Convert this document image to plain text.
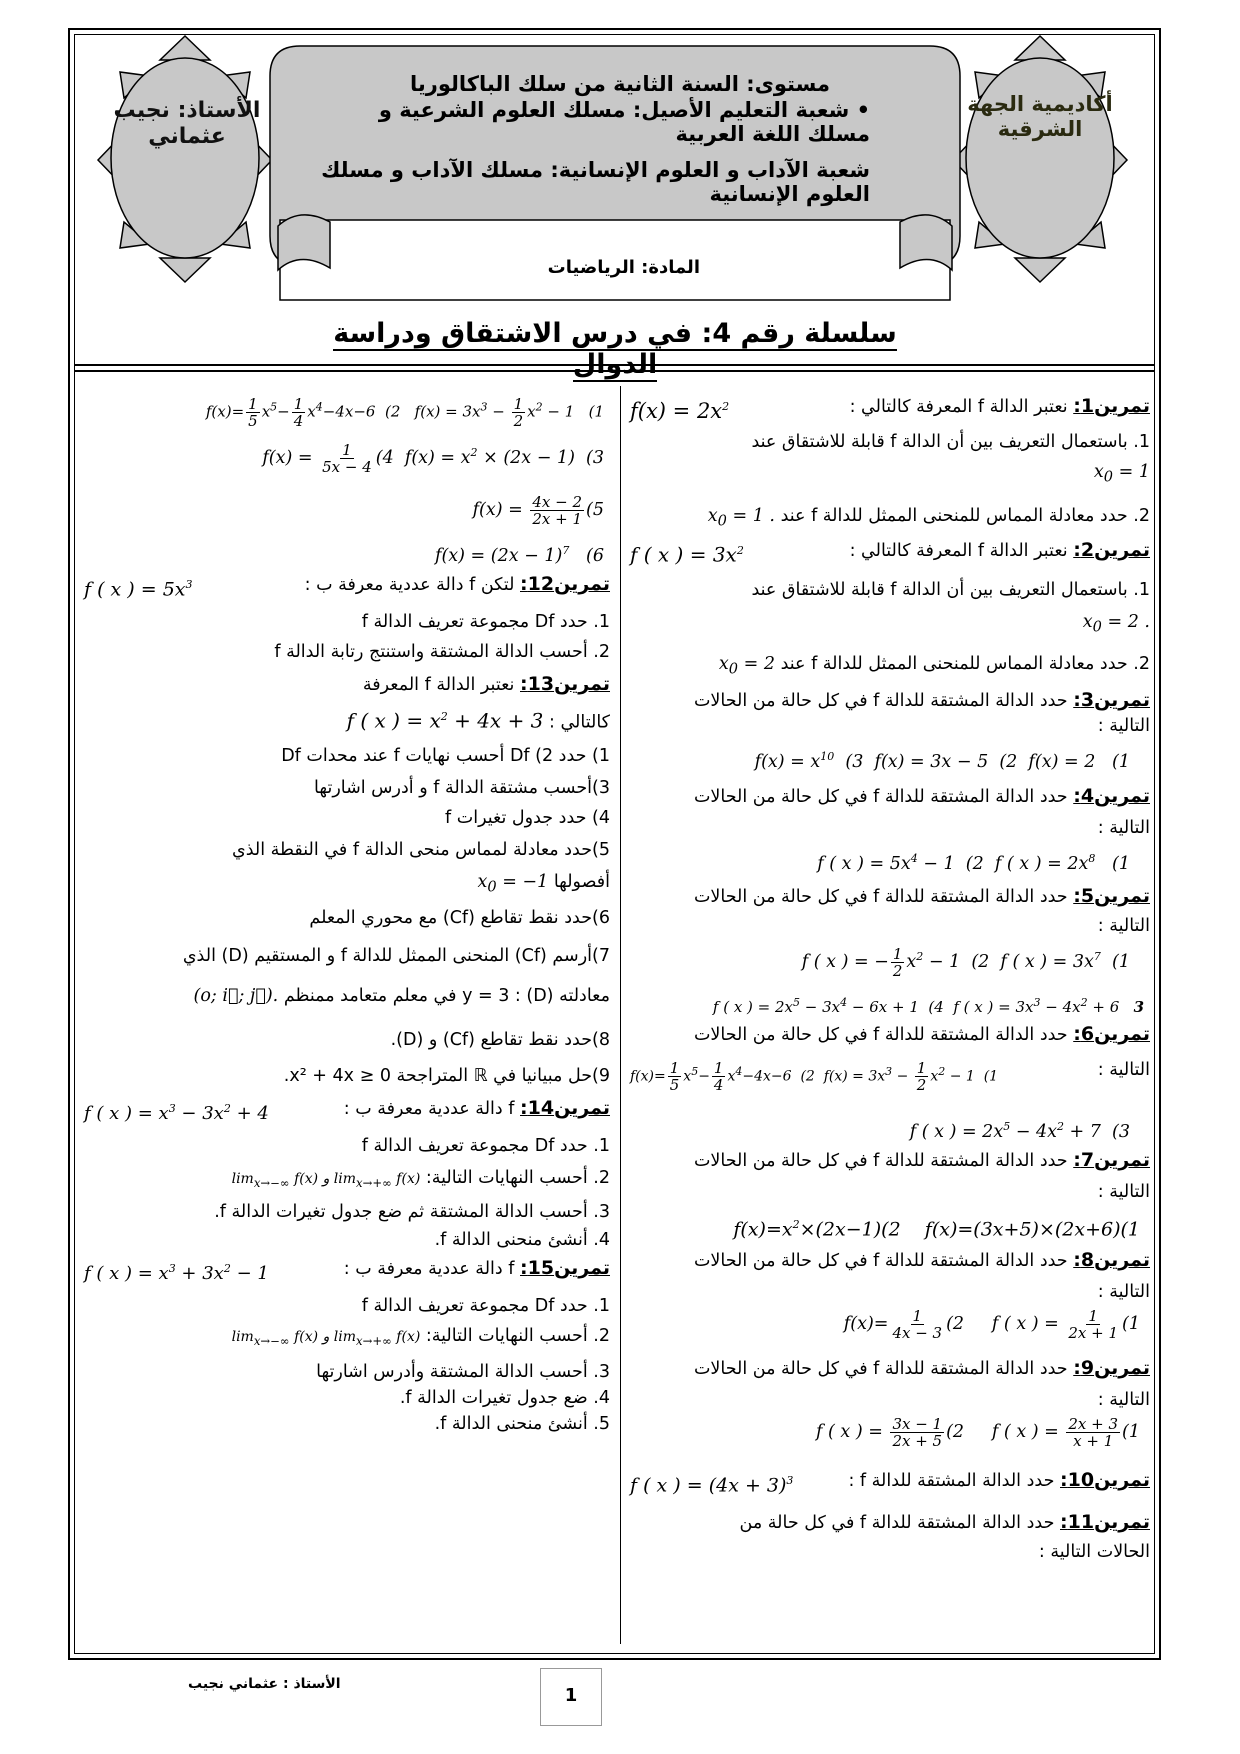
أكاديمية الجهة الشرقية
الأستاذ: نجيب عثماني
مستوى: السنة الثانية من سلك الباكالوريا
• شعبة التعليم الأصيل: مسلك العلوم الشرعية و مسلك اللغة العربية
شعبة الآداب و العلوم الإنسانية: مسلك الآداب و مسلك العلوم الإنسانية
المادة: الرياضيات
سلسلة رقم 4: في درس الاشتقاق ودراسة الدوال
تمرين1: نعتبر الدالة f المعرفة كالتالي :
$f(x) = 2x^2$
1. باستعمال التعريف بين أن الدالة f قابلة للاشتقاق عند
$x_0 = 1$
2. حدد معادلة المماس للمنحنى الممثل للدالة f عند $x_0 = 1$ .
تمرين2: نعتبر الدالة f المعرفة كالتالي :
f ( x ) = $3x^2$
1. باستعمال التعريف بين أن الدالة f قابلة للاشتقاق عند
$x_0 = 2$ .
2. حدد معادلة المماس للمنحنى الممثل للدالة f عند $x_0 = 2$
تمرين3: حدد الدالة المشتقة للدالة f في كل حالة من الحالات
التالية :
$f(x) = x^{10}$  (3  f(x) = 3x − 5  (2  f(x) = 2   (1
تمرين4: حدد الدالة المشتقة للدالة f في كل حالة من الحالات
التالية :
f ( x ) = $5x^4 - 1$  (2  f ( x ) = $2x^8$   (1
تمرين5: حدد الدالة المشتقة للدالة f في كل حالة من الحالات
التالية :
f ( x ) = − $\frac{1}{2} x^2 - 1$  (2  f ( x ) = $3x^7$  (1
f ( x ) = $2x^5 - 3x^4 - 6x + 1$  (4  f ( x ) = $3x^3 - 4x^2 + 6$   3
تمرين6: حدد الدالة المشتقة للدالة f في كل حالة من الحالات
التالية :
$f(x)= \frac{1}{5} x^5- \frac{1}{4} x^4-4x-6$  (2  $f(x) = 3x^3 - \frac{1}{2} x^2 - 1$  (1
f ( x ) = $2x^5 - 4x^2 + 7$  (3
تمرين7: حدد الدالة المشتقة للدالة f في كل حالة من الحالات
التالية :
$f(x)=x^2\times(2x-1)(2$    f(x)=(3x+5)×(2x+6)(1
تمرين8: حدد الدالة المشتقة للدالة f في كل حالة من الحالات
التالية :
$f(x)= \frac{1}{4x - 3} (2$     f ( x ) = $\frac{1}{2x + 1} (1$
تمرين9: حدد الدالة المشتقة للدالة f في كل حالة من الحالات
التالية :
f ( x ) = $\frac{3x - 1}{2x + 5} (2$     f ( x ) = $\frac{2x + 3}{x + 1} (1$
تمرين10: حدد الدالة المشتقة للدالة f :
f ( x ) = $(4x + 3)^3$
تمرين11: حدد الدالة المشتقة للدالة f في كل حالة من
الحالات التالية :
$f(x)= \frac{1}{5} x^5- \frac{1}{4} x^4-4x-6$  (2   $f(x) = 3x^3 - \frac{1}{2} x^2 - 1$   (1
$f(x) = \frac{1}{5x - 4} (4$  $f(x) = x^2 \times (2x - 1)$  (3
$f(x) = \frac{4x - 2}{2x + 1} (5$
$f(x) = (2x - 1)^7$   (6
تمرين12: لتكن f دالة عددية معرفة ب :
f ( x ) = $5x^3$
1. حدد Df مجموعة تعريف الدالة f
2. أحسب الدالة المشتقة واستنتج رتابة الدالة f
تمرين13: نعتبر الدالة f المعرفة
كالتالي : f ( x ) = $x^2 + 4x + 3$
1) حدد Df (2 أحسب نهايات f عند محدات Df
3)أحسب مشتقة الدالة f و أدرس اشارتها
4) حدد جدول تغيرات f
5)حدد معادلة لمماس منحى الدالة f في النقطة الذي
أفصولها $x_0 = -1$
6)حدد نقط تقاطع (Cf) مع محوري المعلم
7)أرسم (Cf) المنحنى الممثل للدالة f و المستقيم (D) الذي
معادلته y = 3 : (D) في معلم متعامد ممنظم (o; i⃗; j⃗).
8)حدد نقط تقاطع (Cf) و (D).
9)حل مبيانيا في ℝ المتراجحة 0 ≤ x² + 4x.
تمرين14: f دالة عددية معرفة ب :
f ( x ) = $x^3 - 3x^2 + 4$
1. حدد Df مجموعة تعريف الدالة f
2. أحسب النهايات التالية: $\lim_{x\to-\infty} f(x)$ و $\lim_{x\to+\infty} f(x)$
3. أحسب الدالة المشتقة ثم ضع جدول تغيرات الدالة f.
4. أنشئ منحنى الدالة f.
تمرين15: f دالة عددية معرفة ب :
f ( x ) = $x^3 + 3x^2 - 1$
1. حدد Df مجموعة تعريف الدالة f
2. أحسب النهايات التالية: $\lim_{x\to-\infty} f(x)$ و $\lim_{x\to+\infty} f(x)$
3. أحسب الدالة المشتقة وأدرس اشارتها
4. ضع جدول تغيرات الدالة f.
5. أنشئ منحنى الدالة f.
الأستاذ : عثماني نجيب
1
